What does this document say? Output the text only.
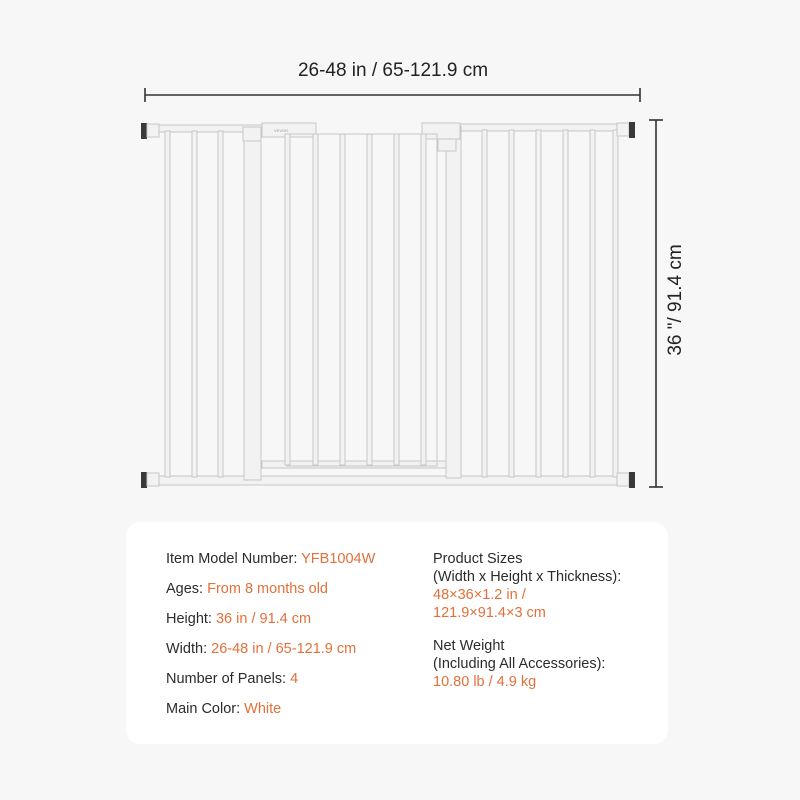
26-48 in / 65-121.9 cm
36 "/ 91.4 cm
VEVOR
Item Model Number: YFB1004W
Ages: From 8 months old
Height: 36 in / 91.4 cm
Width: 26-48 in / 65-121.9 cm
Number of Panels: 4
Main Color: White
Product Sizes
(Width x Height x Thickness):
48×36×1.2 in /
121.9×91.4×3 cm
Net Weight
(Including All Accessories):
10.80 lb / 4.9 kg
